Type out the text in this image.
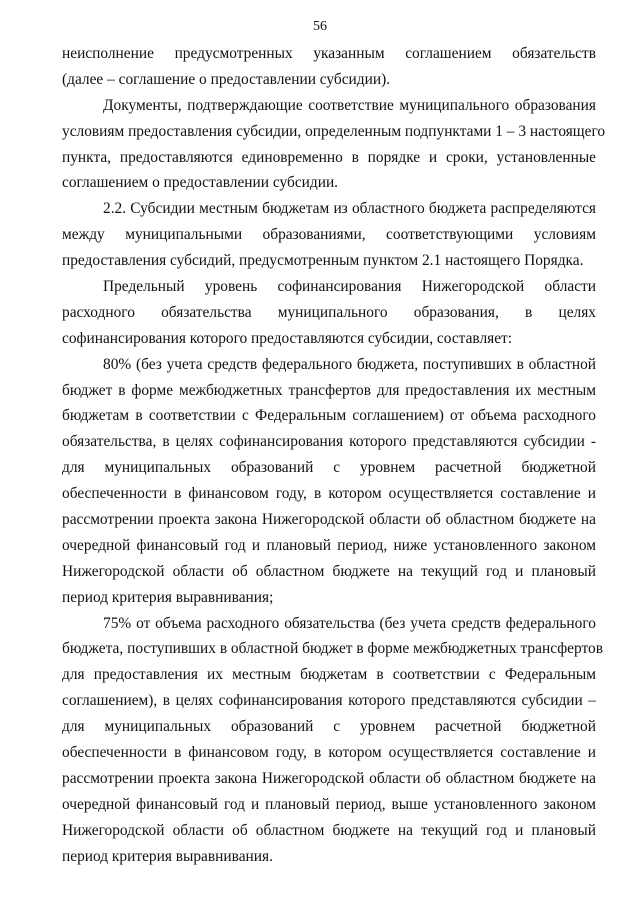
56
неисполнение предусмотренных указанным соглашением обязательств
(далее – соглашение о предоставлении субсидии).
Документы, подтверждающие соответствие муниципального образования
условиям предоставления субсидии, определенным подпунктами 1 – 3 настоящего
пункта, предоставляются единовременно в порядке и сроки, установленные
соглашением о предоставлении субсидии.
2.2. Субсидии местным бюджетам из областного бюджета распределяются
между муниципальными образованиями, соответствующими условиям
предоставления субсидий, предусмотренным пунктом 2.1 настоящего Порядка.
Предельный уровень софинансирования Нижегородской области
расходного обязательства муниципального образования, в целях
софинансирования которого предоставляются субсидии, составляет:
80% (без учета средств федерального бюджета, поступивших в областной
бюджет в форме межбюджетных трансфертов для предоставления их местным
бюджетам в соответствии с Федеральным соглашением) от объема расходного
обязательства, в целях софинансирования которого представляются субсидии -
для муниципальных образований с уровнем расчетной бюджетной
обеспеченности в финансовом году, в котором осуществляется составление и
рассмотрении проекта закона Нижегородской области об областном бюджете на
очередной финансовый год и плановый период, ниже установленного законом
Нижегородской области об областном бюджете на текущий год и плановый
период критерия выравнивания;
75% от объема расходного обязательства (без учета средств федерального
бюджета, поступивших в областной бюджет в форме межбюджетных трансфертов
для предоставления их местным бюджетам в соответствии с Федеральным
соглашением), в целях софинансирования которого представляются субсидии –
для муниципальных образований с уровнем расчетной бюджетной
обеспеченности в финансовом году, в котором осуществляется составление и
рассмотрении проекта закона Нижегородской области об областном бюджете на
очередной финансовый год и плановый период, выше установленного законом
Нижегородской области об областном бюджете на текущий год и плановый
период критерия выравнивания.
